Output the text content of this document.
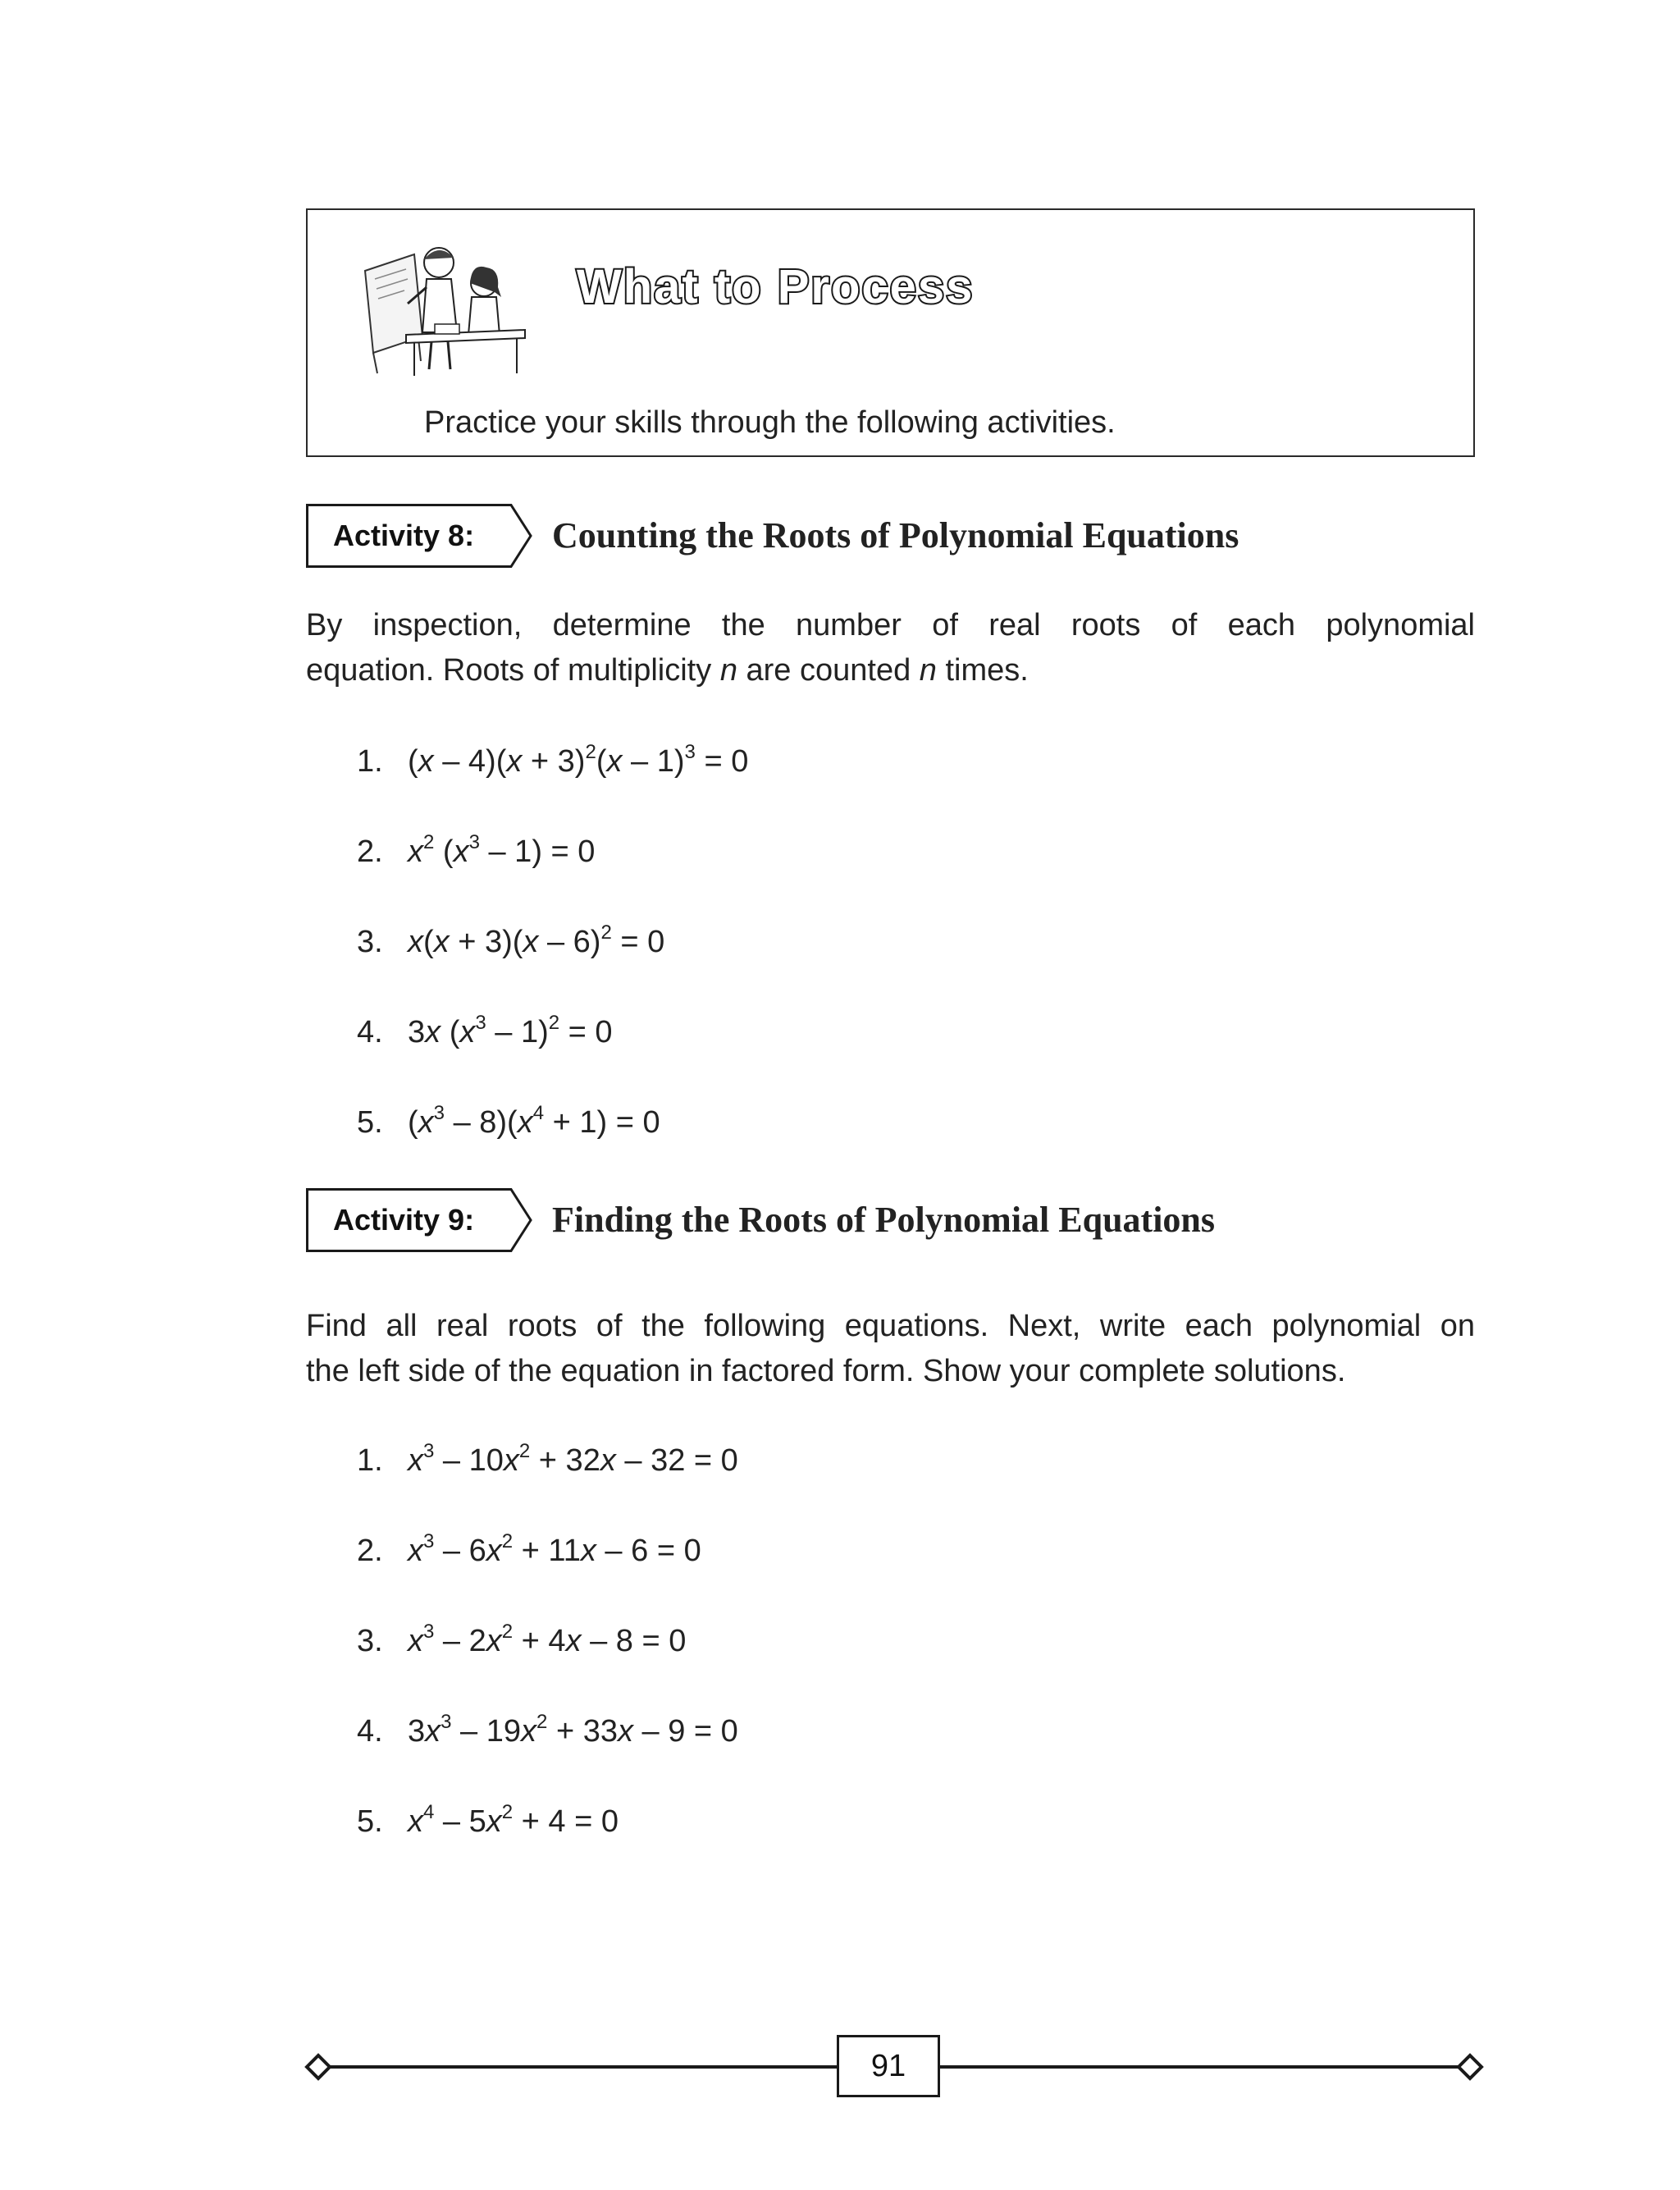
What to Process
Practice your skills through the following activities.
Activity 8: Counting the Roots of Polynomial Equations
By inspection, determine the number of real roots of each polynomial
equation. Roots of multiplicity n are counted n times.
1. $(x - 4)(x + 3)^2(x - 1)^3 = 0$
2. $x^2$ $(x^3 - 1) = 0$
3. x(x + 3)(x – 6)$^2$ = 0
4. 3x $(x^3 - 1)^2 = 0$
5. $(x^3 - 8)(x^4 + 1) = 0$
Activity 9: Finding the Roots of Polynomial Equations
Find all real roots of the following equations. Next, write each polynomial on
the left side of the equation in factored form. Show your complete solutions.
1. $x^3 - 10x^2 + 32x - 32 = 0$
2. $x^3 - 6x^2 + 11x - 6 = 0$
3. $x^3 - 2x^2 + 4x - 8 = 0$
4. $3x^3 - 19x^2 + 33x - 9 = 0$
5. $x^4 - 5x^2 + 4 = 0$
91
